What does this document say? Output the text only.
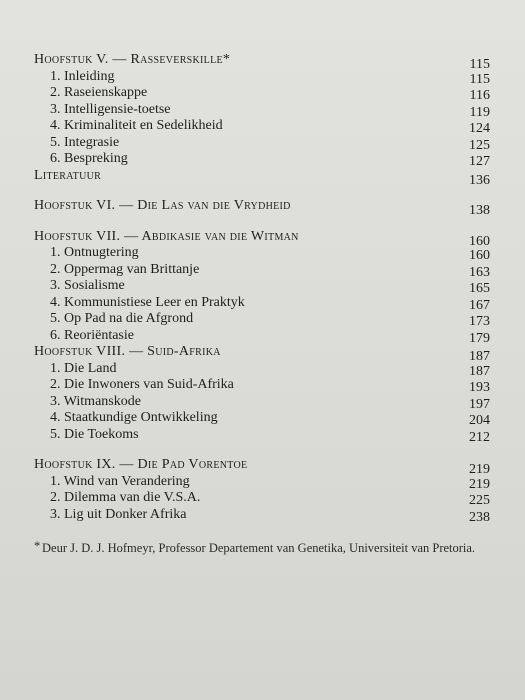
Hoofstuk V. — Rasseverskille*	115
1. Inleiding	115
2. Raseienskappe	116
3. Intelligensie-toetse	119
4. Kriminaliteit en Sedelikheid	124
5. Integrasie	125
6. Bespreking	127
Literatuur	136
Hoofstuk VI. — Die Las van die Vrydheid	138
Hoofstuk VII. — Abdikasie van die Witman	160
1. Ontnugtering	160
2. Oppermag van Brittanje	163
3. Sosialisme	165
4. Kommunistiese Leer en Praktyk	167
5. Op Pad na die Afgrond	173
6. Reoriëntasie	179
Hoofstuk VIII. — Suid-Afrika	187
1. Die Land	187
2. Die Inwoners van Suid-Afrika	193
3. Witmanskode	197
4. Staatkundige Ontwikkeling	204
5. Die Toekoms	212
Hoofstuk IX. — Die Pad Vorentoe	219
1. Wind van Verandering	219
2. Dilemma van die V.S.A.	225
3. Lig uit Donker Afrika	238
* Deur J. D. J. Hofmeyr, Professor Departement van Genetika, Universiteit van Pretoria.
